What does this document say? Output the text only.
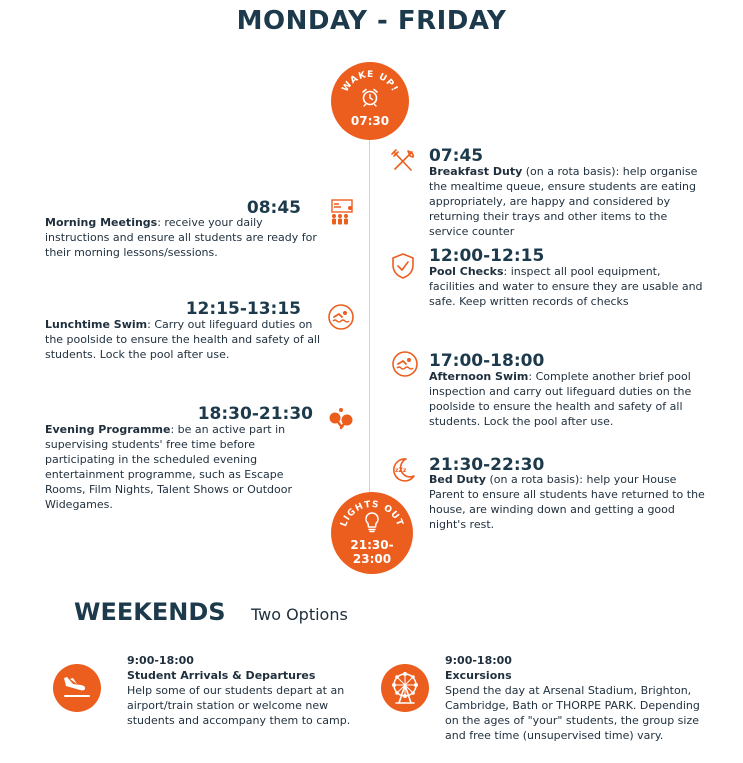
MONDAY - FRIDAY
WAKE UP!
07:30
07:45
Breakfast Duty (on a rota basis): help organise the mealtime queue, ensure students are eating appropriately, are happy and considered by returning their trays and other items to the service counter
08:45
Morning Meetings: receive your daily instructions and ensure all students are ready for their morning lessons/sessions.	12:00-12:15
Pool Checks: inspect all pool equipment, facilities and water to ensure they are usable and safe. Keep written records of checks
12:15-13:15
Lunchtime Swim: Carry out lifeguard duties on the poolside to ensure the health and safety of all students. Lock the pool after use.	17:00-18:00
Afternoon Swim: Complete another brief pool inspection and carry out lifeguard duties on the poolside to ensure the health and safety of all students. Lock the pool after use.
18:30-21:30
Evening Programme: be an active part in supervising students' free time before participating in the scheduled evening entertainment programme, such as Escape Rooms, Film Nights, Talent Shows or Outdoor Widegames.
zZz 21:30-22:30
Bed Duty (on a rota basis): help your House Parent to ensure all students have returned to the house, are winding down and getting a good night's rest.
LIGHTS OUT
21:30-
23:00
WEEKENDS Two Options
9:00-18:00
Student Arrivals & Departures
Help some of our students depart at an airport/train station or welcome new students and accompany them to camp.
9:00-18:00
Excursions
Spend the day at Arsenal Stadium, Brighton, Cambridge, Bath or THORPE PARK. Depending on the ages of "your" students, the group size and free time (unsupervised time) vary.
